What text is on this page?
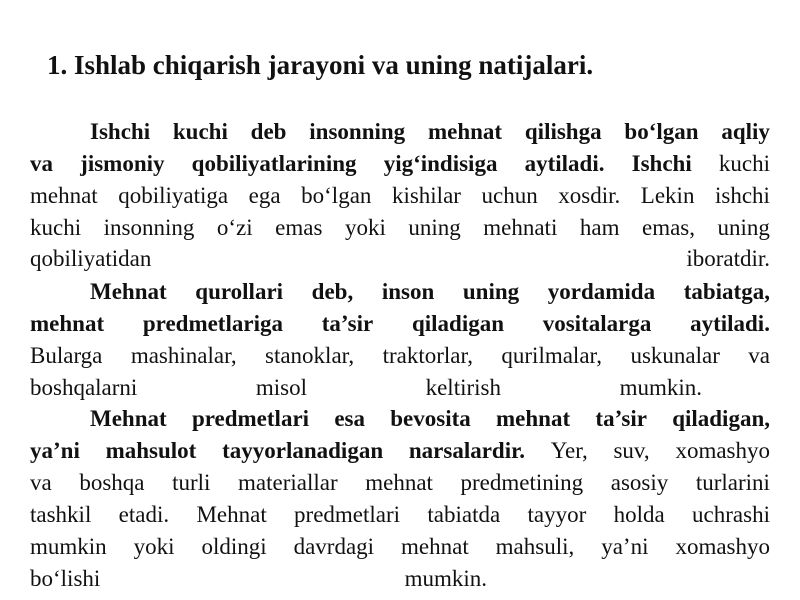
1. Ishlab chiqarish jarayoni va uning natijalari.
Ishchi kuchi deb insonning mehnat qilishga bo‘lgan aqliy
va jismoniy qobiliyatlarining yig‘indisiga aytiladi. Ishchi kuchi
mehnat qobiliyatiga ega bo‘lgan kishilar uchun xosdir. Lekin ishchi
kuchi insonning o‘zi emas yoki uning mehnati ham emas, uning
qobiliyatidan	iboratdir.
Mehnat qurollari deb, inson uning yordamida tabiatga,
mehnat predmetlariga ta’sir qiladigan vositalarga aytiladi.
Bularga mashinalar, stanoklar, traktorlar, qurilmalar, uskunalar va
boshqalarni	misol	keltirish	mumkin.
Mehnat predmetlari esa bevosita mehnat ta’sir qiladigan,
ya’ni mahsulot tayyorlanadigan narsalardir. Yer, suv, xomashyo
va boshqa turli materiallar mehnat predmetining asosiy turlarini
tashkil etadi. Mehnat predmetlari tabiatda tayyor holda uchrashi
mumkin yoki oldingi davrdagi mehnat mahsuli, ya’ni xomashyo
bo‘lishi	mumkin.
